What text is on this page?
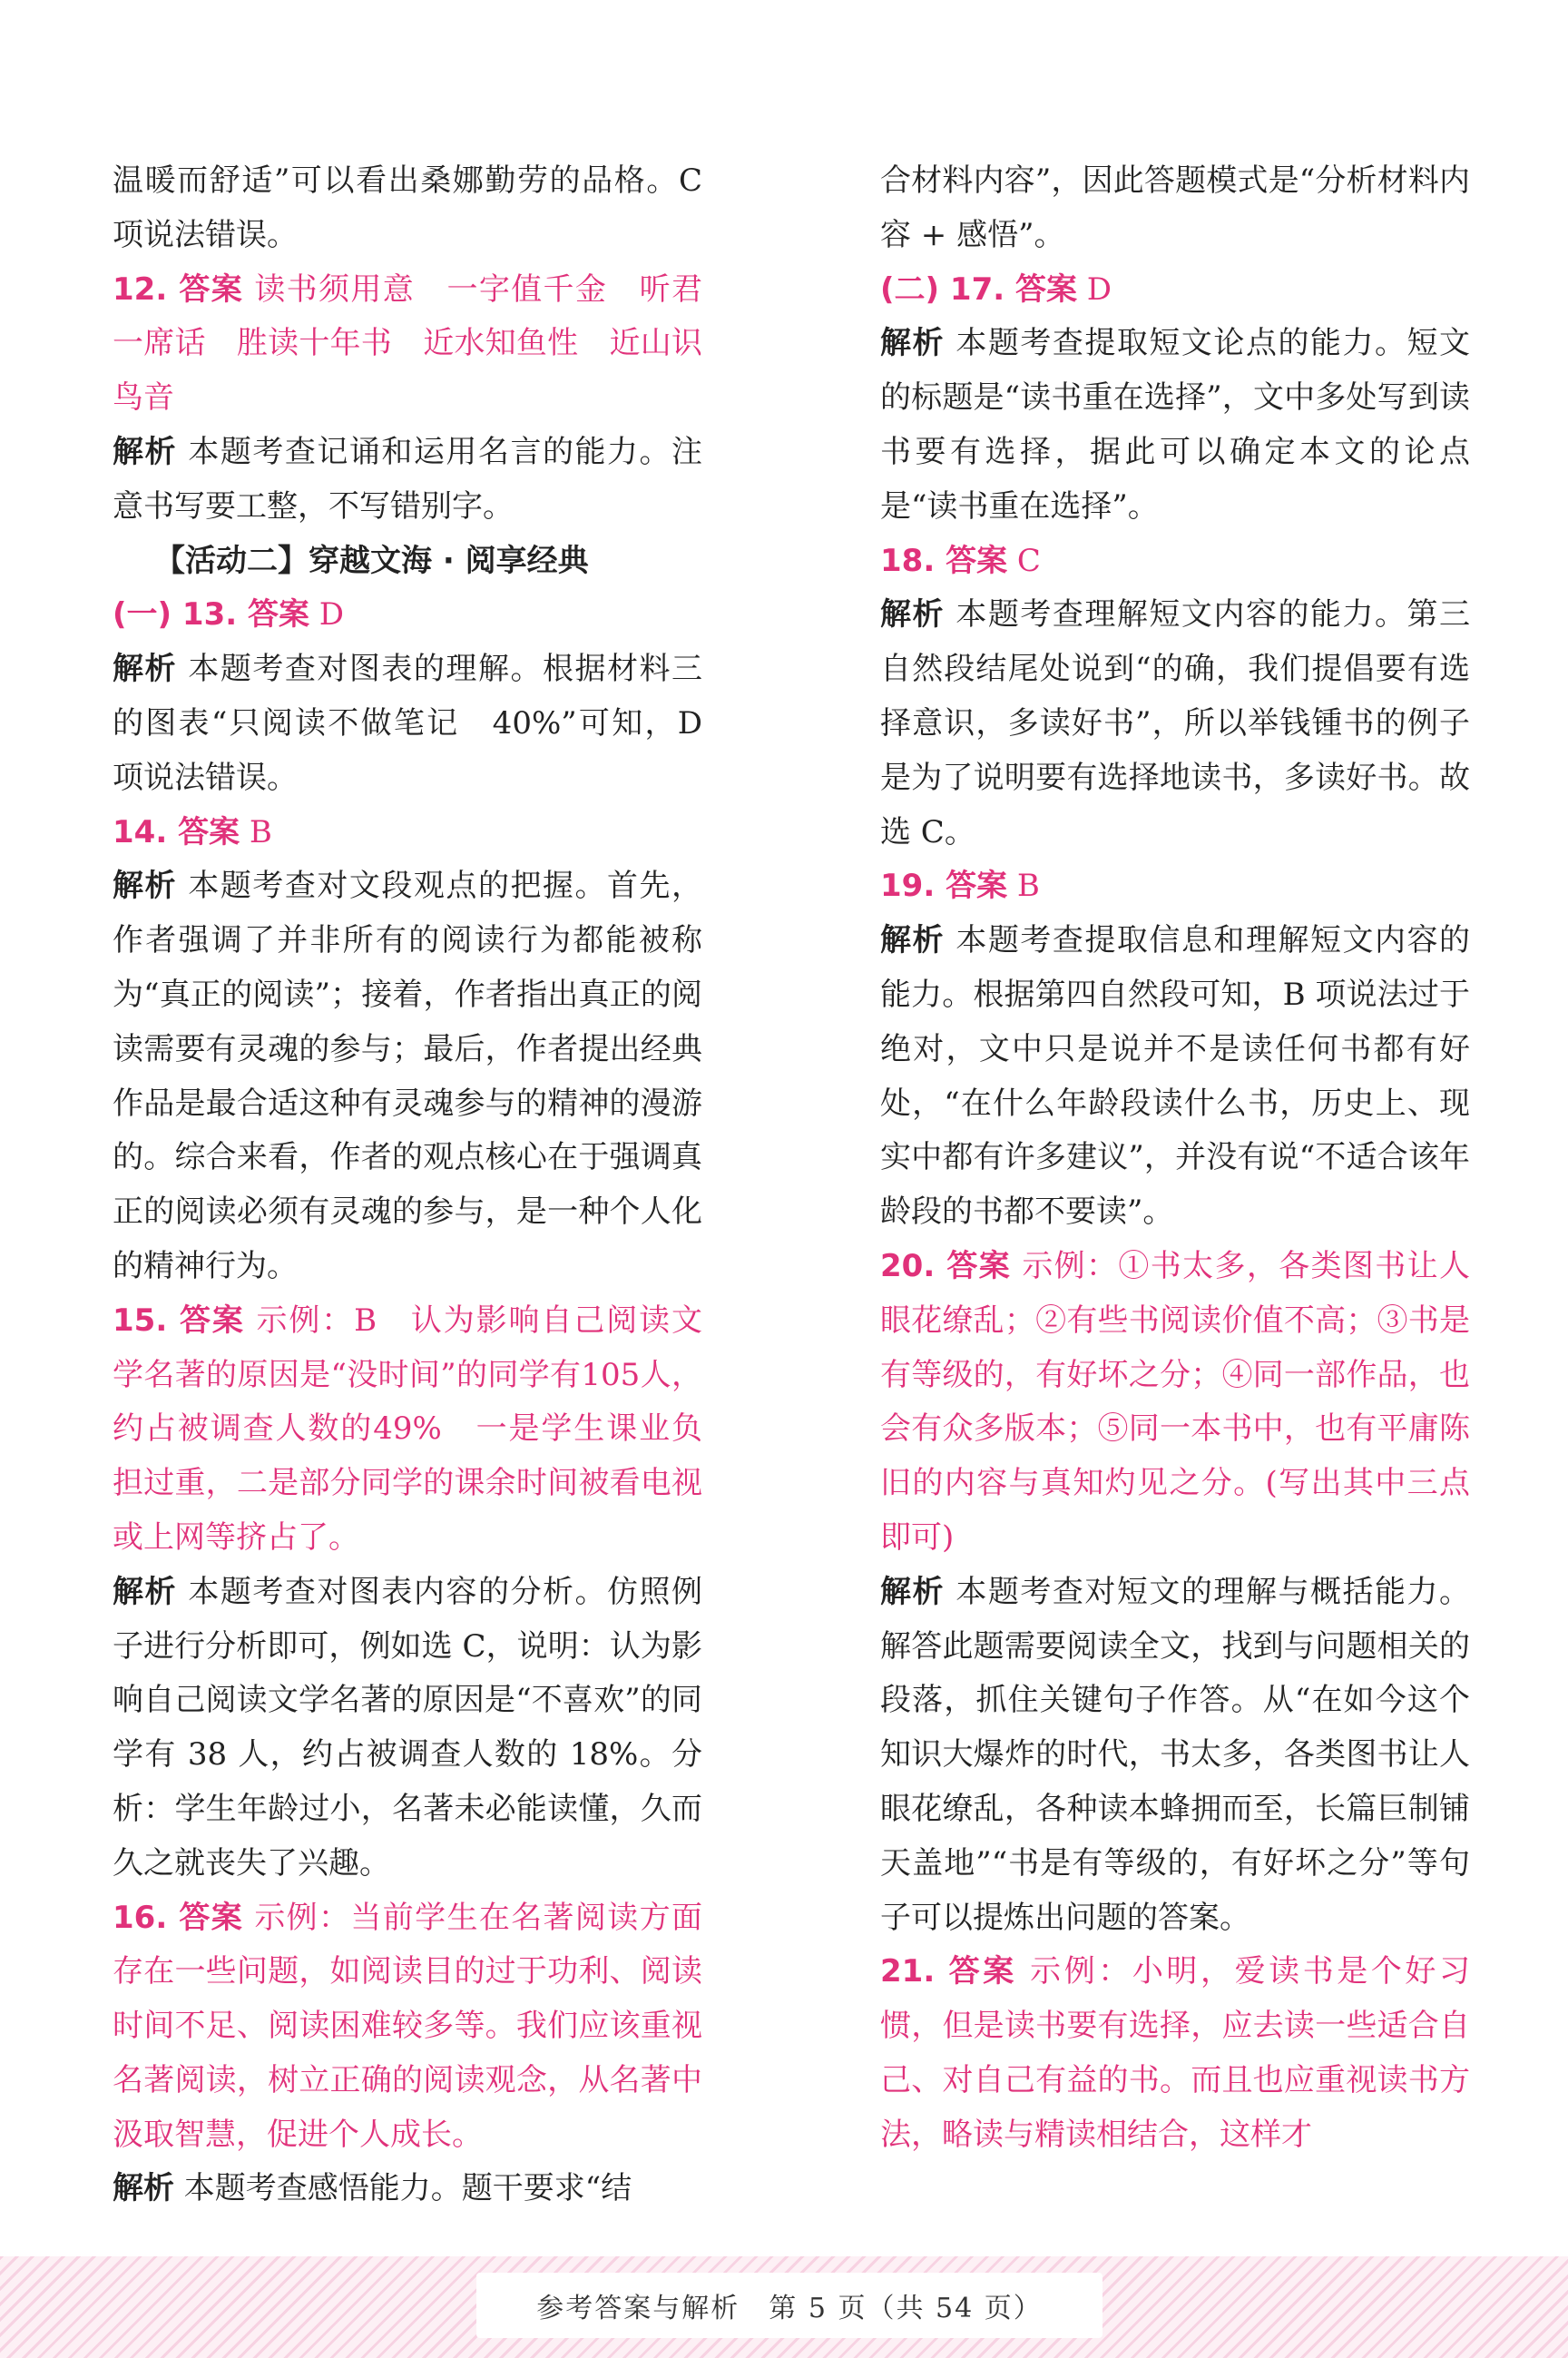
温暖而舒适”可以看出桑娜勤劳的品格。C项说法错误。

12. 答案 读书须用意　一字值千金　听君一席话　胜读十年书　近水知鱼性　近山识鸟音

解析 本题考查记诵和运用名言的能力。注意书写要工整，不写错别字。

【活动二】穿越文海 · 阅享经典

(一) 13. 答案 D

解析 本题考查对图表的理解。根据材料三的图表“只阅读不做笔记　40%”可知，D 项说法错误。

14. 答案 B

解析 本题考查对文段观点的把握。首先，作者强调了并非所有的阅读行为都能被称为“真正的阅读”；接着，作者指出真正的阅读需要有灵魂的参与；最后，作者提出经典作品是最合适这种有灵魂参与的精神的漫游的。综合来看，作者的观点核心在于强调真正的阅读必须有灵魂的参与，是一种个人化的精神行为。

15. 答案 示例：B　认为影响自己阅读文学名著的原因是“没时间”的同学有105人，约占被调查人数的49%　一是学生课业负担过重，二是部分同学的课余时间被看电视或上网等挤占了。

解析 本题考查对图表内容的分析。仿照例子进行分析即可，例如选 C，说明：认为影响自己阅读文学名著的原因是“不喜欢”的同学有 38 人，约占被调查人数的 18%。分析：学生年龄过小，名著未必能读懂，久而久之就丧失了兴趣。

16. 答案 示例：当前学生在名著阅读方面存在一些问题，如阅读目的过于功利、阅读时间不足、阅读困难较多等。我们应该重视名著阅读，树立正确的阅读观念，从名著中汲取智慧，促进个人成长。

解析 本题考查感悟能力。题干要求“结

合材料内容”，因此答题模式是“分析材料内容 + 感悟”。

(二) 17. 答案 D

解析 本题考查提取短文论点的能力。短文的标题是“读书重在选择”，文中多处写到读书要有选择，据此可以确定本文的论点是“读书重在选择”。

18. 答案 C

解析 本题考查理解短文内容的能力。第三自然段结尾处说到“的确，我们提倡要有选择意识，多读好书”，所以举钱锺书的例子是为了说明要有选择地读书，多读好书。故选 C。

19. 答案 B

解析 本题考查提取信息和理解短文内容的能力。根据第四自然段可知，B 项说法过于绝对，文中只是说并不是读任何书都有好处，“在什么年龄段读什么书，历史上、现实中都有许多建议”，并没有说“不适合该年龄段的书都不要读”。

20. 答案 示例：①书太多，各类图书让人眼花缭乱；②有些书阅读价值不高；③书是有等级的，有好坏之分；④同一部作品，也会有众多版本；⑤同一本书中，也有平庸陈旧的内容与真知灼见之分。(写出其中三点即可)

解析 本题考查对短文的理解与概括能力。解答此题需要阅读全文，找到与问题相关的段落，抓住关键句子作答。从“在如今这个知识大爆炸的时代，书太多，各类图书让人眼花缭乱，各种读本蜂拥而至，长篇巨制铺天盖地”“书是有等级的，有好坏之分”等句子可以提炼出问题的答案。

21. 答案 示例：小明，爱读书是个好习惯，但是读书要有选择，应去读一些适合自己、对自己有益的书。而且也应重视读书方法，略读与精读相结合，这样才

参考答案与解析　第 5 页（共 54 页）
